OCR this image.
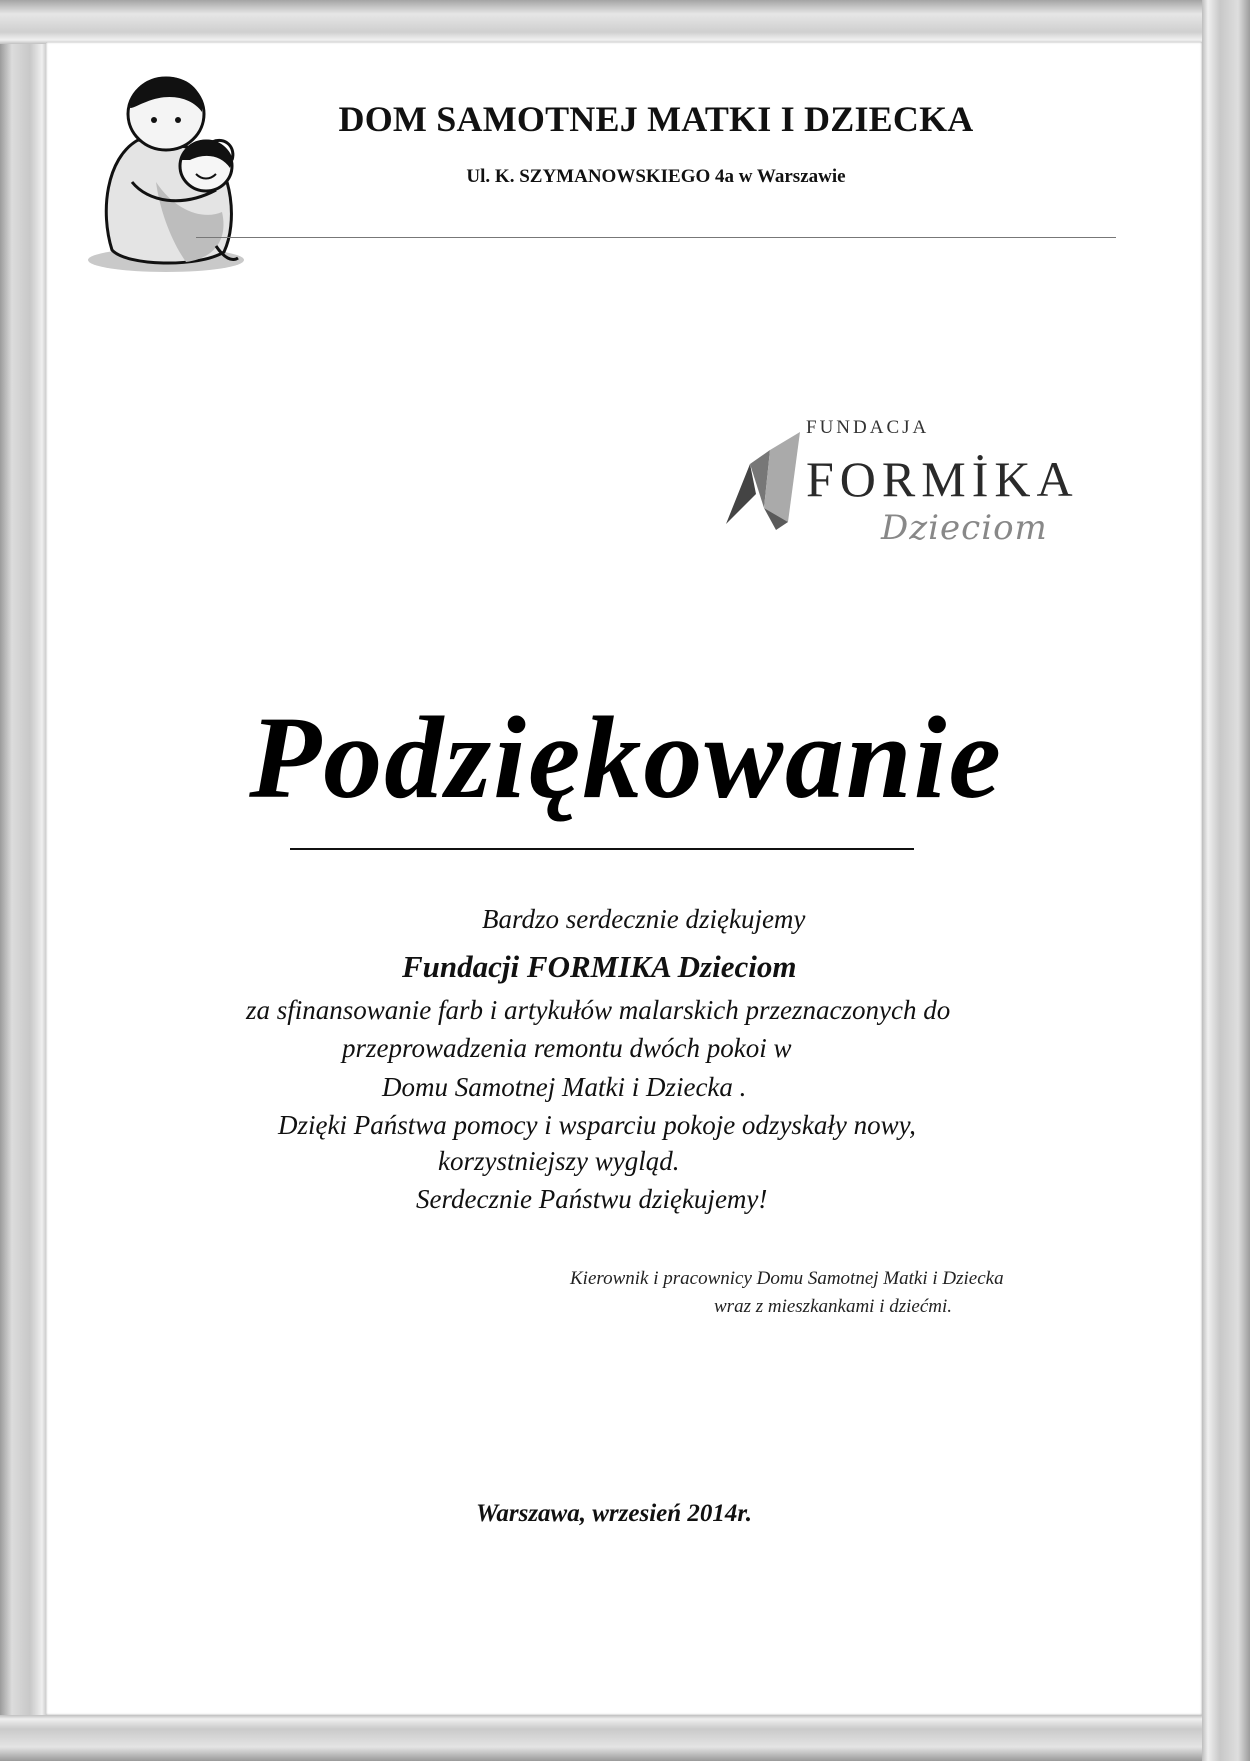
DOM SAMOTNEJ MATKI I DZIECKA
Ul. K. SZYMANOWSKIEGO 4a w Warszawie
FUNDACJA
FORMİKA
Dzieciom
Podziękowanie
Bardzo serdecznie dziękujemy
Fundacji FORMIKA Dzieciom
za sfinansowanie farb i artykułów malarskich przeznaczonych do
przeprowadzenia remontu dwóch pokoi w
Domu Samotnej Matki i Dziecka .
Dzięki Państwa pomocy i wsparciu pokoje odzyskały nowy,
korzystniejszy wygląd.
Serdecznie Państwu dziękujemy!
Kierownik i pracownicy Domu Samotnej Matki i Dziecka
wraz z mieszkankami i dziećmi.
Warszawa, wrzesień 2014r.
